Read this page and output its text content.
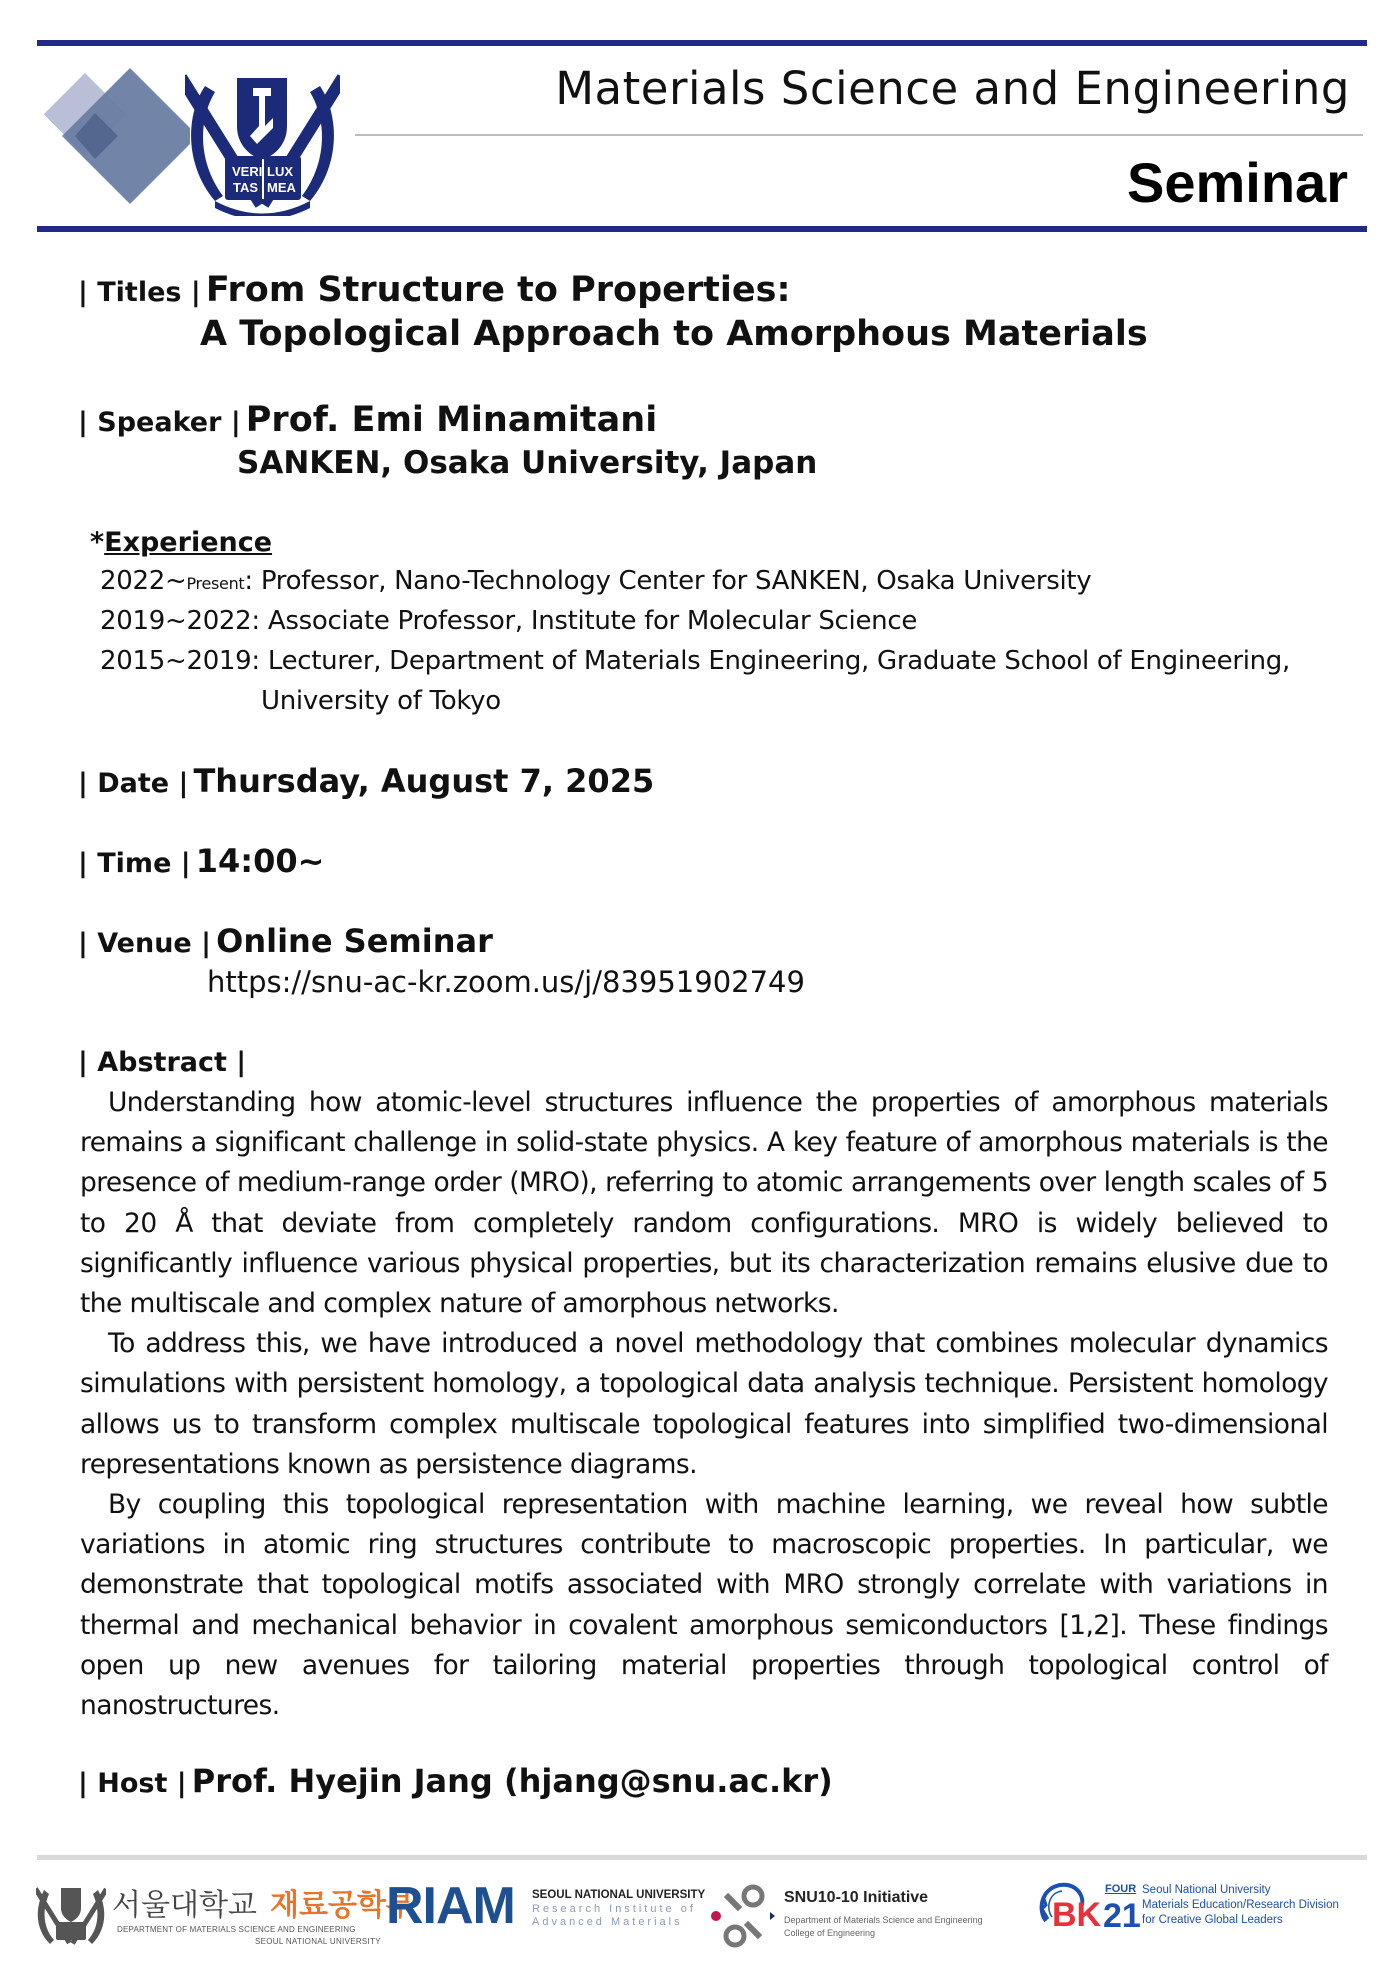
VERI LUX
TAS MEA
Materials Science and Engineering
Seminar
| Titles | From Structure to Properties:
A Topological Approach to Amorphous Materials
| Speaker | Prof. Emi Minamitani
SANKEN, Osaka University, Japan
*Experience
2022~Present: Professor, Nano-Technology Center for SANKEN, Osaka University
2019~2022: Associate Professor, Institute for Molecular Science
2015~2019: Lecturer, Department of Materials Engineering, Graduate School of Engineering,
University of Tokyo
| Date | Thursday, August 7, 2025
| Time | 14:00~
| Venue | Online Seminar
https://snu-ac-kr.zoom.us/j/83951902749
| Abstract |

Understanding how atomic-level structures influence the properties of amorphous materials remains a significant challenge in solid-state physics. A key feature of amorphous materials is the presence of medium-range order (MRO), referring to atomic arrangements over length scales of 5 to 20 Å that deviate from completely random configurations. MRO is widely believed to significantly influence various physical properties, but its characterization remains elusive due to the multiscale and complex nature of amorphous networks.

To address this, we have introduced a novel methodology that combines molecular dynamics simulations with persistent homology, a topological data analysis technique. Persistent homology allows us to transform complex multiscale topological features into simplified two-dimensional representations known as persistence diagrams.

By coupling this topological representation with machine learning, we reveal how subtle variations in atomic ring structures contribute to macroscopic properties. In particular, we demonstrate that topological motifs associated with MRO strongly correlate with variations in thermal and mechanical behavior in covalent amorphous semiconductors [1,2]. These findings open up new avenues for tailoring material properties through topological control of nanostructures.

| Host | Prof. Hyejin Jang (hjang@snu.ac.kr)
서울대학교 재료공학부
DEPARTMENT OF MATERIALS SCIENCE AND ENGINEERING
SEOUL NATIONAL UNIVERSITY
RIAM SEOUL NATIONAL UNIVERSITY
Research Institute of
Advanced Materials
SNU10-10 Initiative
Department of Materials Science and Engineering
College of Engineering	BK 21
FOUR Seoul National University
Materials Education/Research Division
for Creative Global Leaders
